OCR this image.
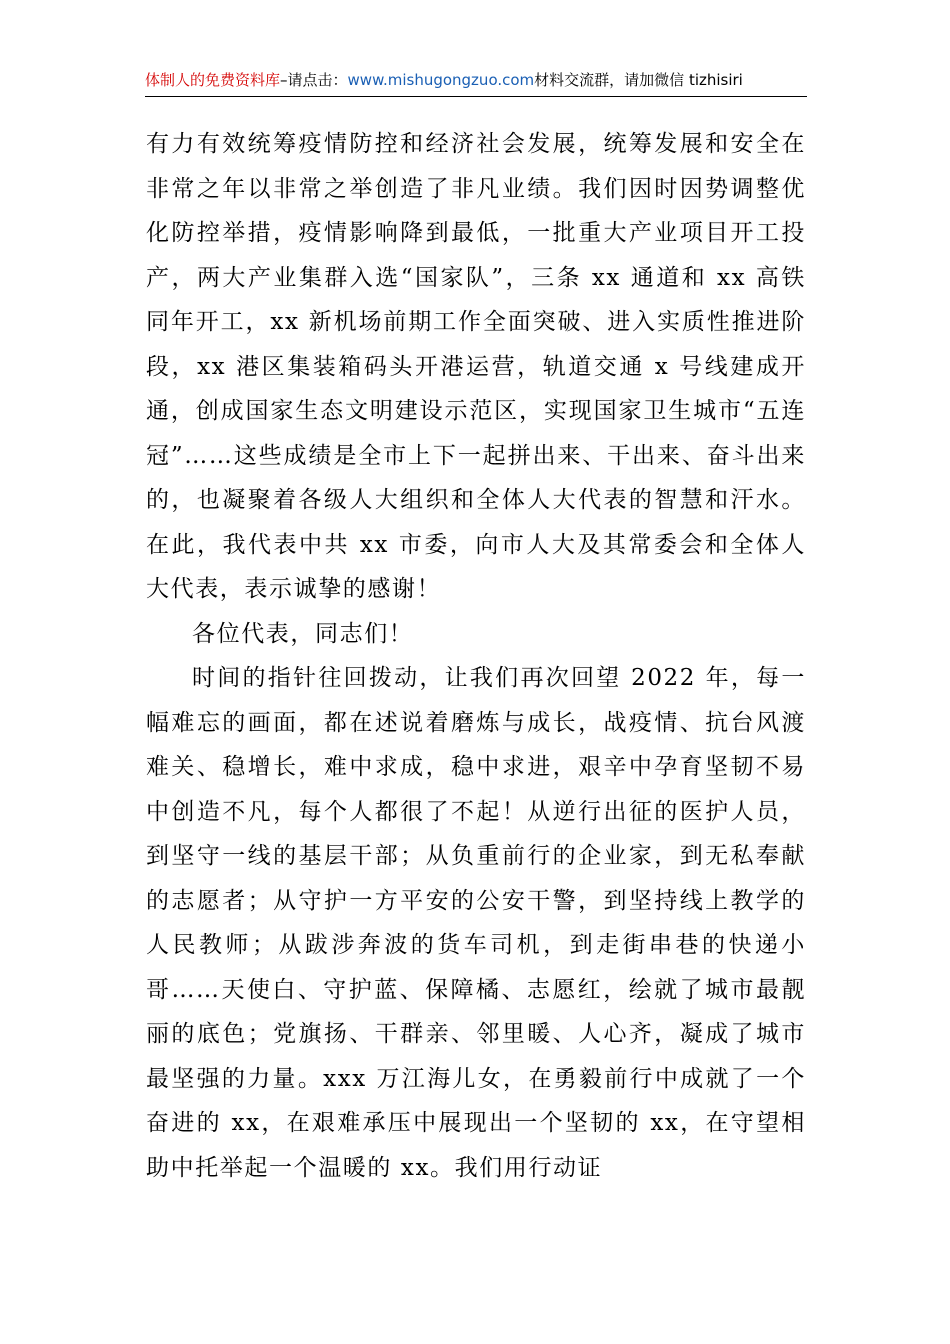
体制人的免费资料库–请点击：www.mishugongzuo.com材料交流群，请加微信 tizhisiri

有力有效统筹疫情防控和经济社会发展，统筹发展和安全在非常之年以非常之举创造了非凡业绩。我们因时因势调整优化防控举措，疫情影响降到最低，一批重大产业项目开工投产，两大产业集群入选“国家队”，三条 xx 通道和 xx 高铁同年开工，xx 新机场前期工作全面突破、进入实质性推进阶段，xx 港区集装箱码头开港运营，轨道交通 x 号线建成开通，创成国家生态文明建设示范区，实现国家卫生城市“五连冠”……这些成绩是全市上下一起拼出来、干出来、奋斗出来的，也凝聚着各级人大组织和全体人大代表的智慧和汗水。在此，我代表中共 xx 市委，向市人大及其常委会和全体人大代表，表示诚挚的感谢！

各位代表，同志们！

时间的指针往回拨动，让我们再次回望 2022 年，每一幅难忘的画面，都在述说着磨炼与成长，战疫情、抗台风渡难关、稳增长，难中求成，稳中求进，艰辛中孕育坚韧不易中创造不凡，每个人都很了不起！从逆行出征的医护人员，到坚守一线的基层干部；从负重前行的企业家，到无私奉献的志愿者；从守护一方平安的公安干警，到坚持线上教学的人民教师；从跋涉奔波的货车司机，到走街串巷的快递小哥……天使白、守护蓝、保障橘、志愿红，绘就了城市最靓丽的底色；党旗扬、干群亲、邻里暖、人心齐，凝成了城市最坚强的力量。xxx 万江海儿女，在勇毅前行中成就了一个奋进的 xx，在艰难承压中展现出一个坚韧的 xx，在守望相助中托举起一个温暖的 xx。我们用行动证
